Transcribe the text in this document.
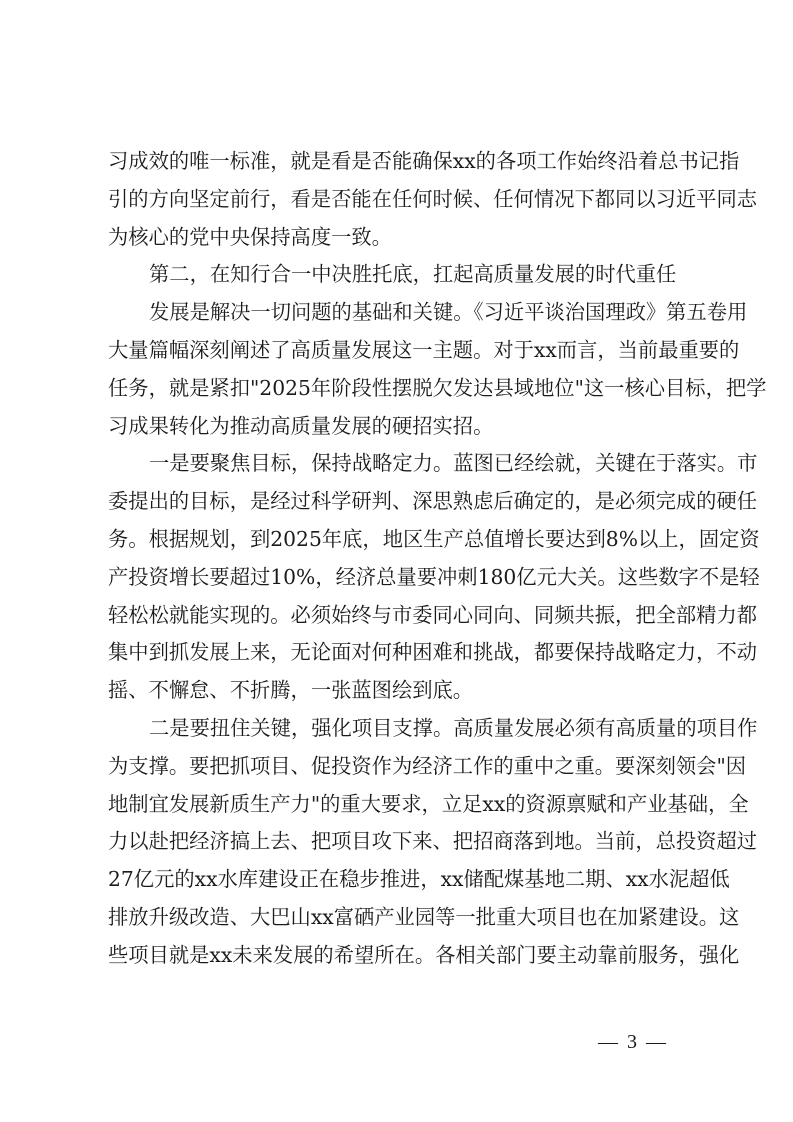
习成效的唯一标准，就是看是否能确保xx的各项工作始终沿着总书记指
引的方向坚定前行，看是否能在任何时候、任何情况下都同以习近平同志
为核心的党中央保持高度一致。
第二，在知行合一中决胜托底，扛起高质量发展的时代重任
发展是解决一切问题的基础和关键。《习近平谈治国理政》第五卷用
大量篇幅深刻阐述了高质量发展这一主题。对于xx而言，当前最重要的
任务，就是紧扣"2025年阶段性摆脱欠发达县域地位"这一核心目标，把学
习成果转化为推动高质量发展的硬招实招。
一是要聚焦目标，保持战略定力。蓝图已经绘就，关键在于落实。市
委提出的目标，是经过科学研判、深思熟虑后确定的，是必须完成的硬任
务。根据规划，到2025年底，地区生产总值增长要达到8%以上，固定资
产投资增长要超过10%，经济总量要冲刺180亿元大关。这些数字不是轻
轻松松就能实现的。必须始终与市委同心同向、同频共振，把全部精力都
集中到抓发展上来，无论面对何种困难和挑战，都要保持战略定力，不动
摇、不懈怠、不折腾，一张蓝图绘到底。
二是要扭住关键，强化项目支撑。高质量发展必须有高质量的项目作
为支撑。要把抓项目、促投资作为经济工作的重中之重。要深刻领会"因
地制宜发展新质生产力"的重大要求，立足xx的资源禀赋和产业基础，全
力以赴把经济搞上去、把项目攻下来、把招商落到地。当前，总投资超过
27亿元的xx水库建设正在稳步推进，xx储配煤基地二期、xx水泥超低
排放升级改造、大巴山xx富硒产业园等一批重大项目也在加紧建设。这
些项目就是xx未来发展的希望所在。各相关部门要主动靠前服务，强化
— 3 —
